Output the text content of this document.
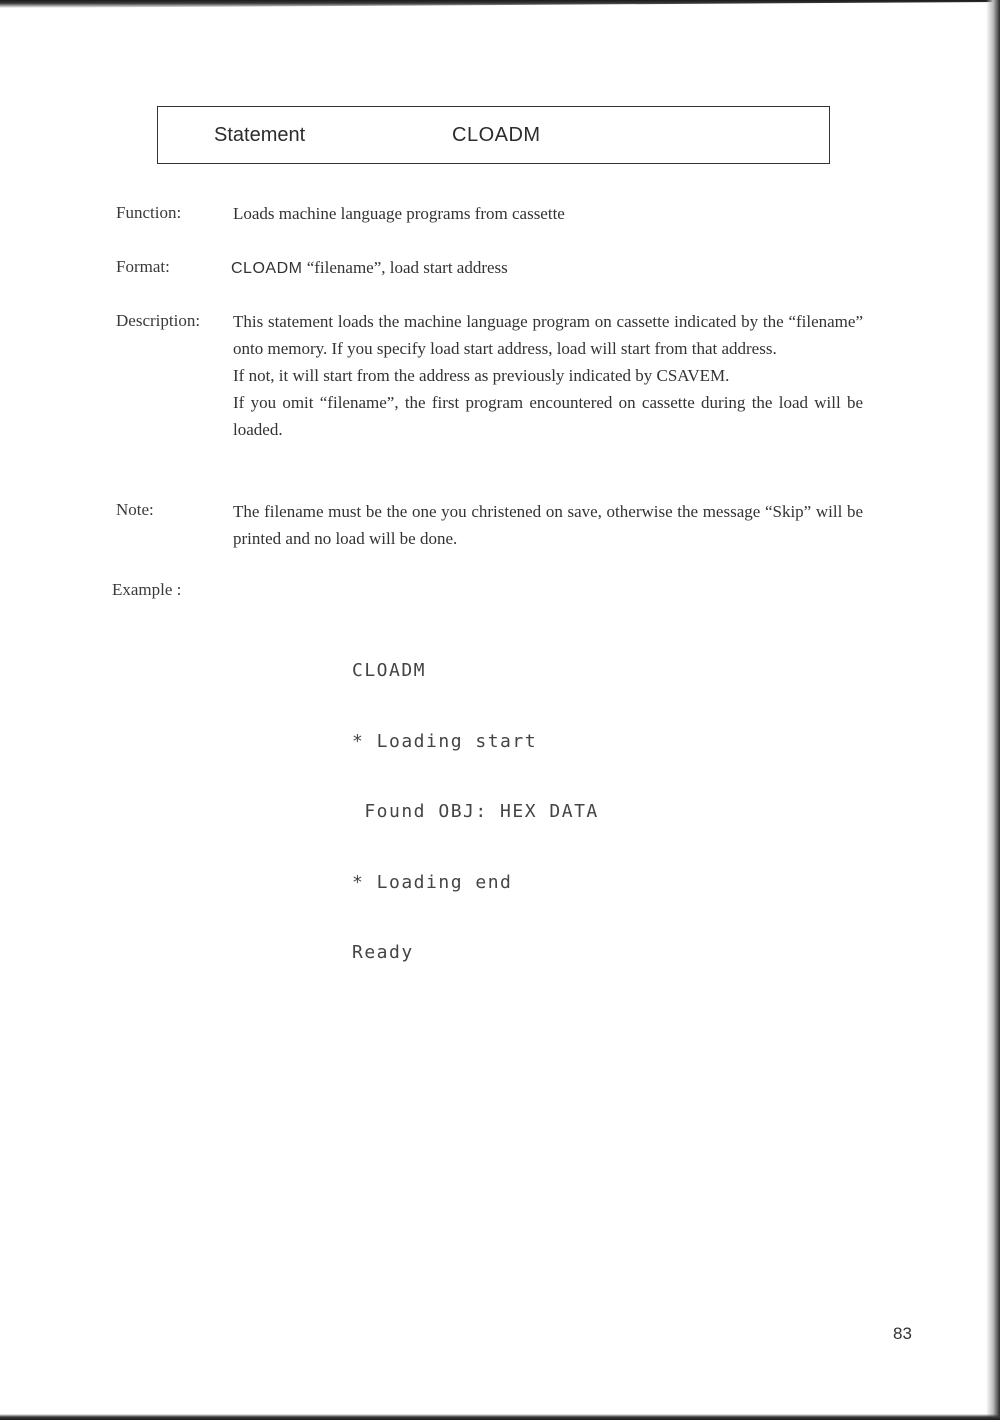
Statement	CLOADM
Function:	Loads machine language programs from cassette

Format:	CLOADM “filename”, load start address

Description: This statement loads the machine language program on cassette indicated by the “filename” onto memory. If you specify load start address, load will start from that address.

If not, it will start from the address as previously indicated by CSAVEM.

If you omit “filename”, the first program encountered on cassette during the load will be loaded.

Note:	The filename must be the one you christened on save, otherwise the message “Skip” will be printed and no load will be done.

Example :

CLOADM

* Loading start

Found OBJ: HEX DATA

* Loading end

Ready

83
